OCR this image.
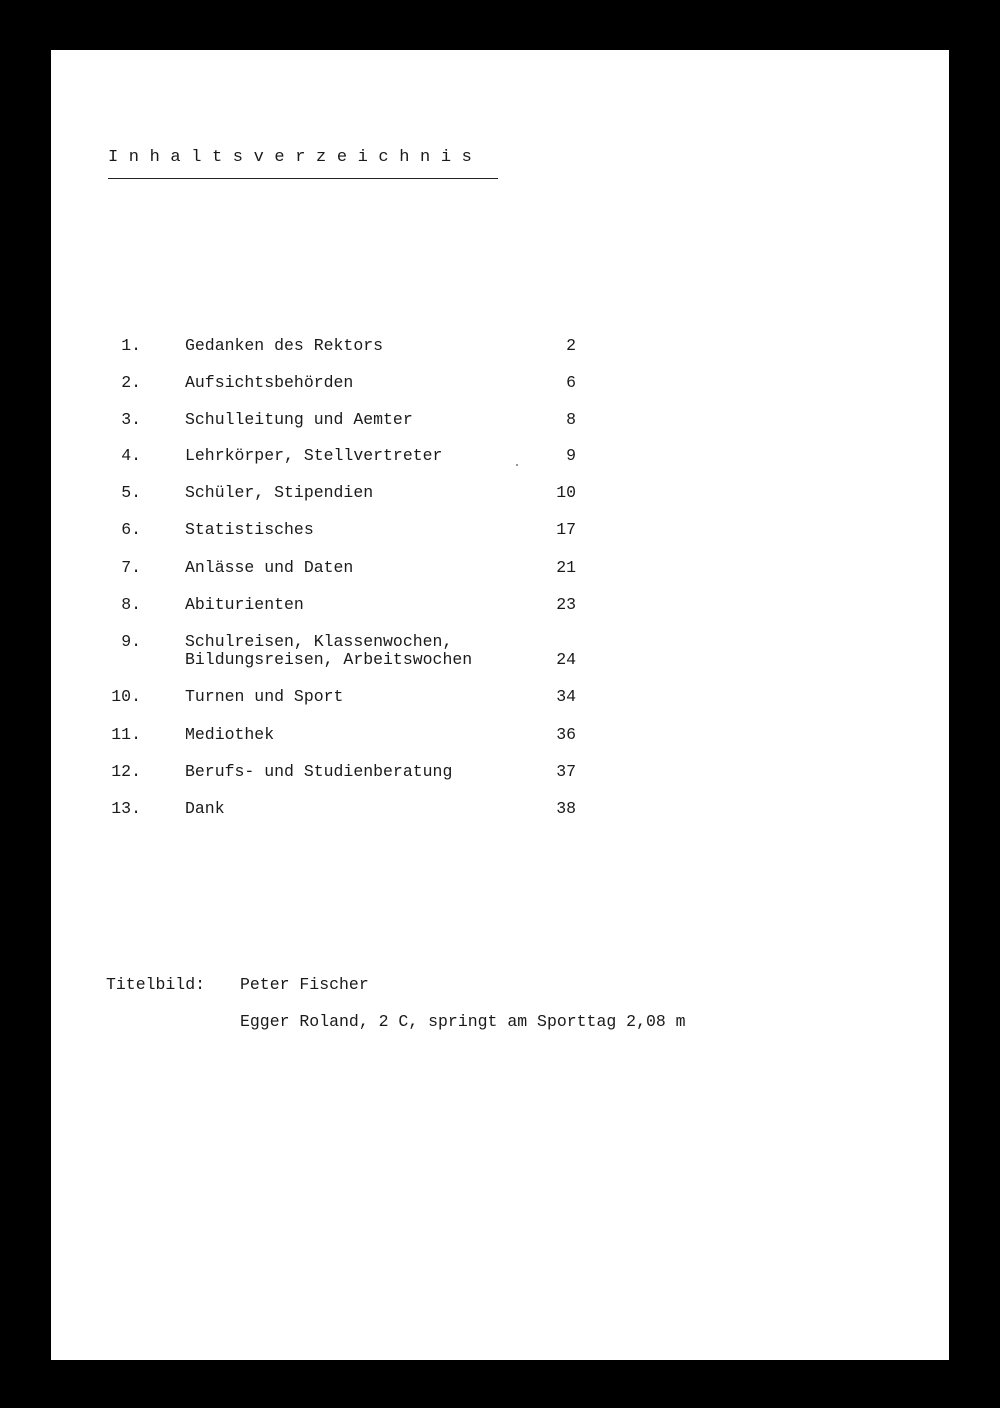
Inhaltsverzeichnis
1.	Gedanken des Rektors	2
2.	Aufsichtsbehörden	6
3.	Schulleitung und Aemter	8
4.	Lehrkörper, Stellvertreter	9
5.	Schüler, Stipendien	10
6.	Statistisches	17
7.	Anlässe und Daten	21
8.	Abiturienten	23
9.	Schulreisen, Klassenwochen,
Bildungsreisen, Arbeitswochen	24
10.	Turnen und Sport	34
11.	Mediothek	36
12.	Berufs- und Studienberatung	37
13.	Dank	38
Titelbild: Peter Fischer
Egger Roland, 2 C, springt am Sporttag 2,08 m
